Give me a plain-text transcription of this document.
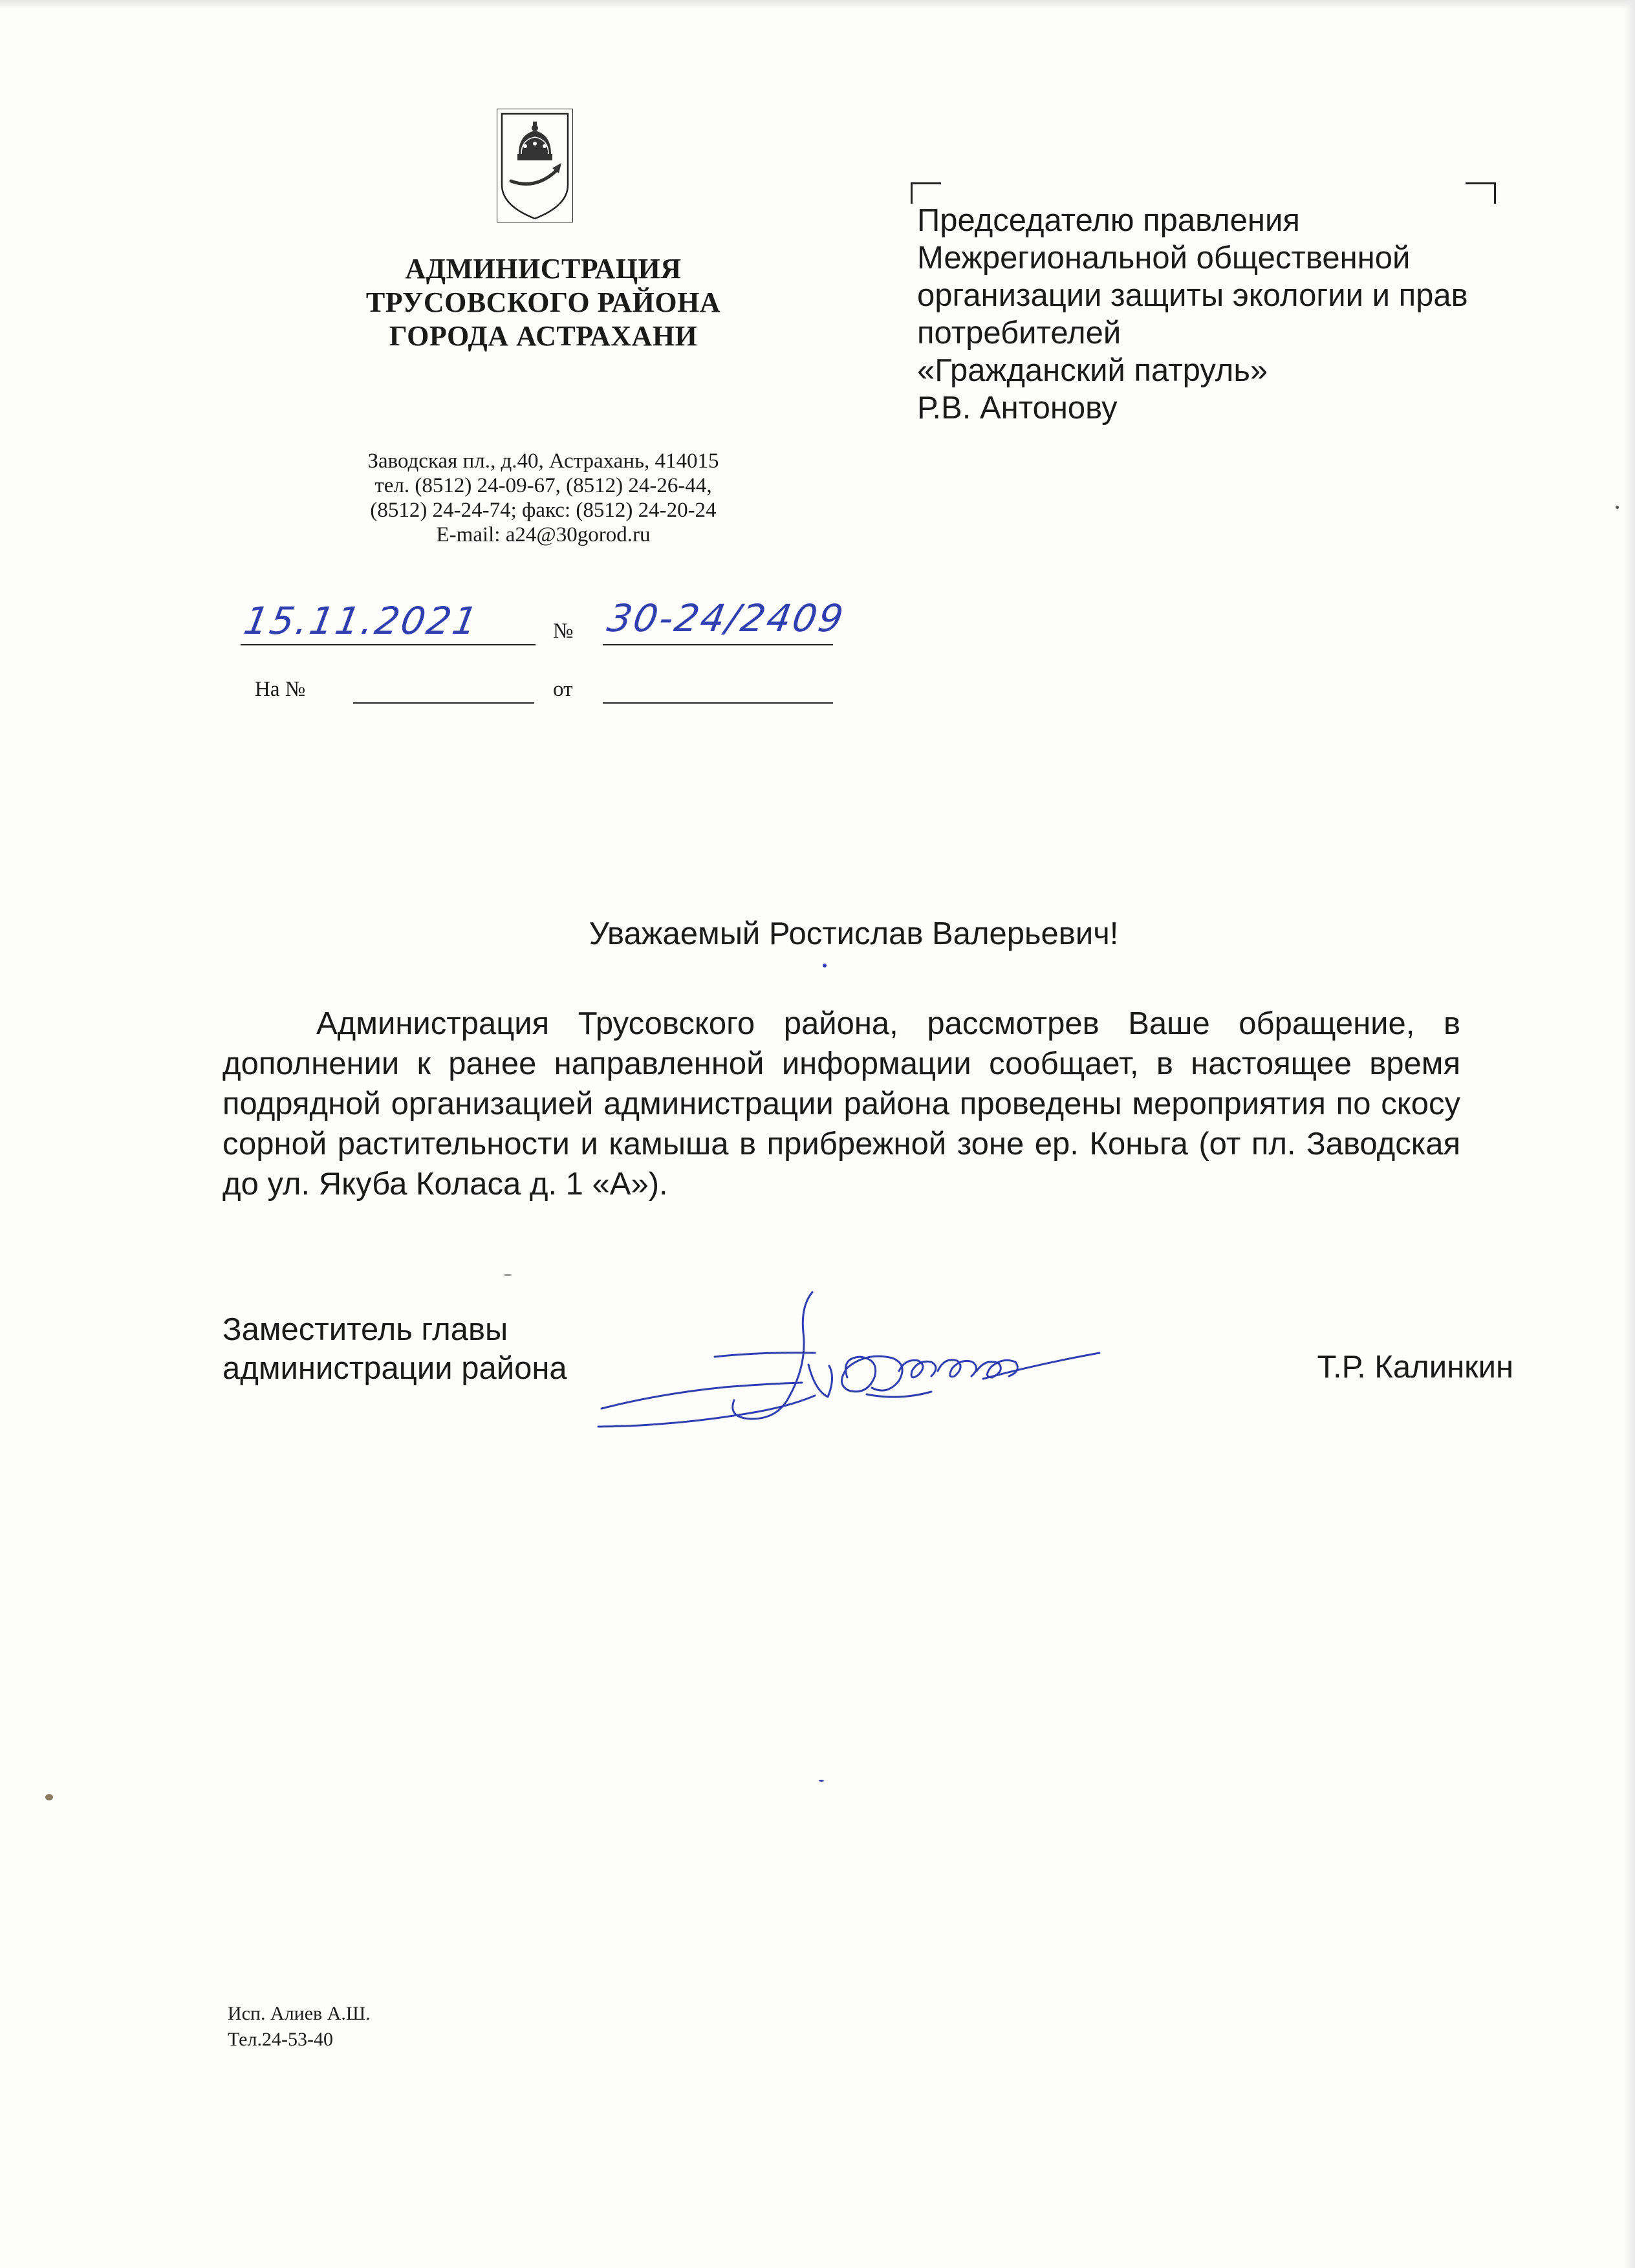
АДМИНИСТРАЦИЯ
ТРУСОВСКОГО РАЙОНА
ГОРОДА АСТРАХАНИ
Заводская пл., д.40, Астрахань, 414015
тел. (8512) 24-09-67, (8512) 24-26-44,
(8512) 24-24-74; факс: (8512) 24-20-24
E-mail: a24@30gorod.ru
15.11.2021	№ 30-24/2409
На №	от
Председателю правления
Межрегиональной общественной
организации защиты экологии и прав
потребителей
«Гражданский патруль»
Р.В. Антонову
Уважаемый Ростислав Валерьевич!
Администрация Трусовского района, рассмотрев Ваше обращение, в дополнении к ранее направленной информации сообщает, в настоящее время подрядной организацией администрации района проведены мероприятия по скосу сорной растительности и камыша в прибрежной зоне ер. Коньга (от пл. Заводская до ул. Якуба Коласа д. 1 «А»).
Заместитель главы
администрации района	Т.Р. Калинкин
Исп. Алиев А.Ш.
Тел.24-53-40
